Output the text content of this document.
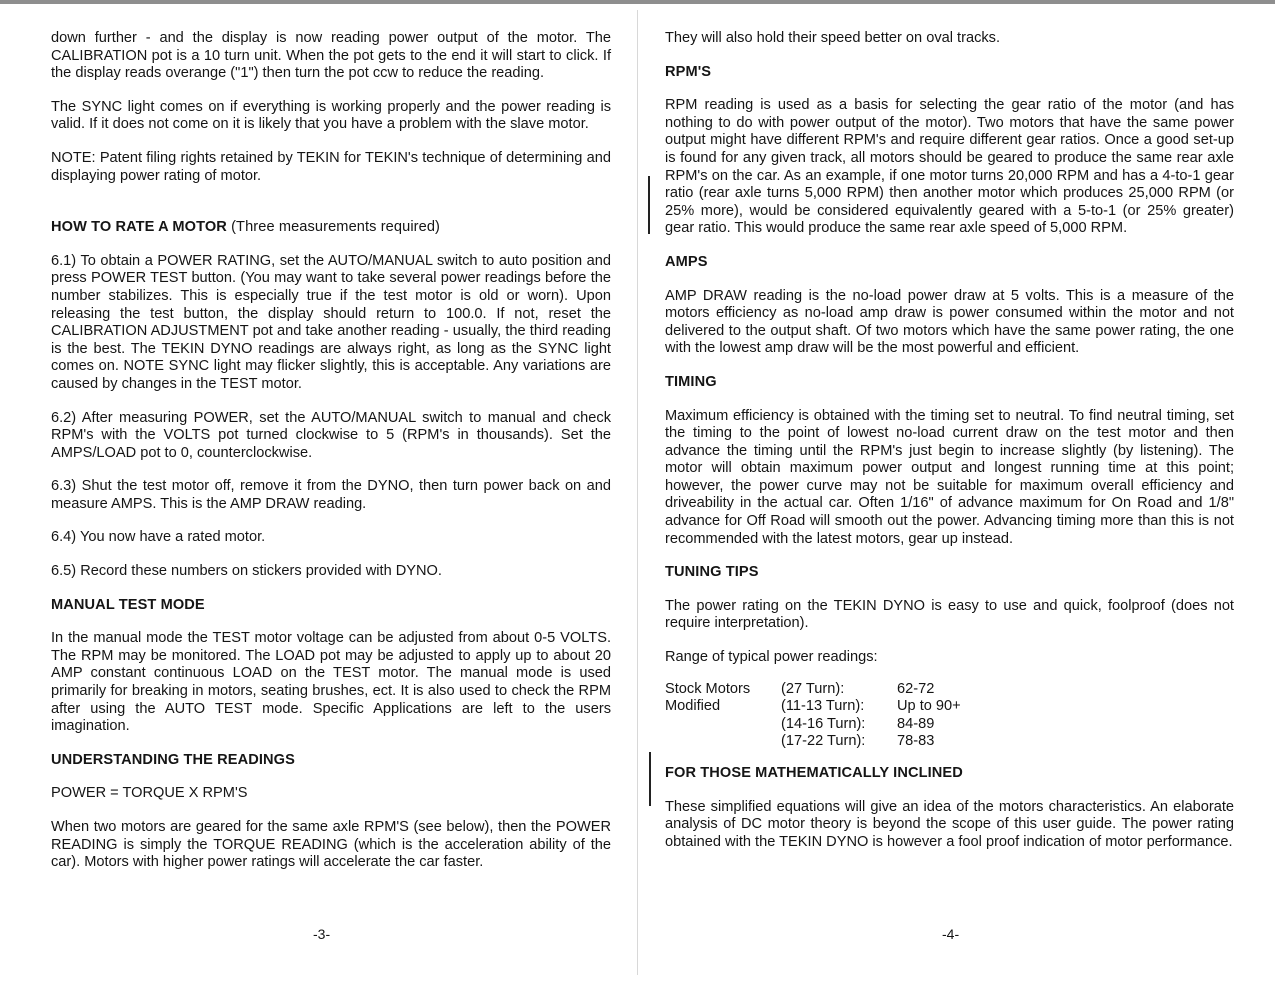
down further - and the display is now reading power output of the motor. The CALIBRATION pot is a 10 turn unit. When the pot gets to the end it will start to click. If the display reads overange ("1") then turn the pot ccw to reduce the reading.

The SYNC light comes on if everything is working properly and the power reading is valid. If it does not come on it is likely that you have a problem with the slave motor.

NOTE: Patent filing rights retained by TEKIN for TEKIN's technique of determining and displaying power rating of motor.

HOW TO RATE A MOTOR (Three measurements required)

6.1) To obtain a POWER RATING, set the AUTO/MANUAL switch to auto position and press POWER TEST button. (You may want to take several power readings before the number stabilizes. This is especially true if the test motor is old or worn). Upon releasing the test button, the display should return to 100.0. If not, reset the CALIBRATION ADJUSTMENT pot and take another reading - usually, the third reading is the best. The TEKIN DYNO readings are always right, as long as the SYNC light comes on. NOTE SYNC light may flicker slightly, this is acceptable. Any variations are caused by changes in the TEST motor.

6.2) After measuring POWER, set the AUTO/MANUAL switch to manual and check RPM's with the VOLTS pot turned clockwise to 5 (RPM's in thousands). Set the AMPS/LOAD pot to 0, counterclockwise.

6.3) Shut the test motor off, remove it from the DYNO, then turn power back on and measure AMPS. This is the AMP DRAW reading.

6.4) You now have a rated motor.

6.5) Record these numbers on stickers provided with DYNO.

MANUAL TEST MODE

In the manual mode the TEST motor voltage can be adjusted from about 0-5 VOLTS. The RPM may be monitored. The LOAD pot may be adjusted to apply up to about 20 AMP constant continuous LOAD on the TEST motor. The manual mode is used primarily for breaking in motors, seating brushes, ect. It is also used to check the RPM after using the AUTO TEST mode. Specific Applications are left to the users imagination.

UNDERSTANDING THE READINGS

POWER = TORQUE X RPM'S

When two motors are geared for the same axle RPM'S (see below), then the POWER READING is simply the TORQUE READING (which is the acceleration ability of the car). Motors with higher power ratings will accelerate the car faster.

-3-

They will also hold their speed better on oval tracks.

RPM'S

RPM reading is used as a basis for selecting the gear ratio of the motor (and has nothing to do with power output of the motor). Two motors that have the same power output might have different RPM's and require different gear ratios. Once a good set-up is found for any given track, all motors should be geared to produce the same rear axle RPM's on the car. As an example, if one motor turns 20,000 RPM and has a 4-to-1 gear ratio (rear axle turns 5,000 RPM) then another motor which produces 25,000 RPM (or 25% more), would be considered equivalently geared with a 5-to-1 (or 25% greater) gear ratio. This would produce the same rear axle speed of 5,000 RPM.

AMPS

AMP DRAW reading is the no-load power draw at 5 volts. This is a measure of the motors efficiency as no-load amp draw is power consumed within the motor and not delivered to the output shaft. Of two motors which have the same power rating, the one with the lowest amp draw will be the most powerful and efficient.

TIMING

Maximum efficiency is obtained with the timing set to neutral. To find neutral timing, set the timing to the point of lowest no-load current draw on the test motor and then advance the timing until the RPM's just begin to increase slightly (by listening). The motor will obtain maximum power output and longest running time at this point; however, the power curve may not be suitable for maximum overall efficiency and driveability in the actual car. Often 1/16" of advance maximum for On Road and 1/8" advance for Off Road will smooth out the power. Advancing timing more than this is not recommended with the latest motors, gear up instead.

TUNING TIPS

The power rating on the TEKIN DYNO is easy to use and quick, foolproof (does not require interpretation).

Range of typical power readings:

Stock Motors	(27 Turn):	62-72
Modified	(11-13 Turn):	Up to 90+
	(14-16 Turn):	84-89
	(17-22 Turn):	78-83
FOR THOSE MATHEMATICALLY INCLINED

These simplified equations will give an idea of the motors characteristics. An elaborate analysis of DC motor theory is beyond the scope of this user guide. The power rating obtained with the TEKIN DYNO is however a fool proof indication of motor performance.

-4-
